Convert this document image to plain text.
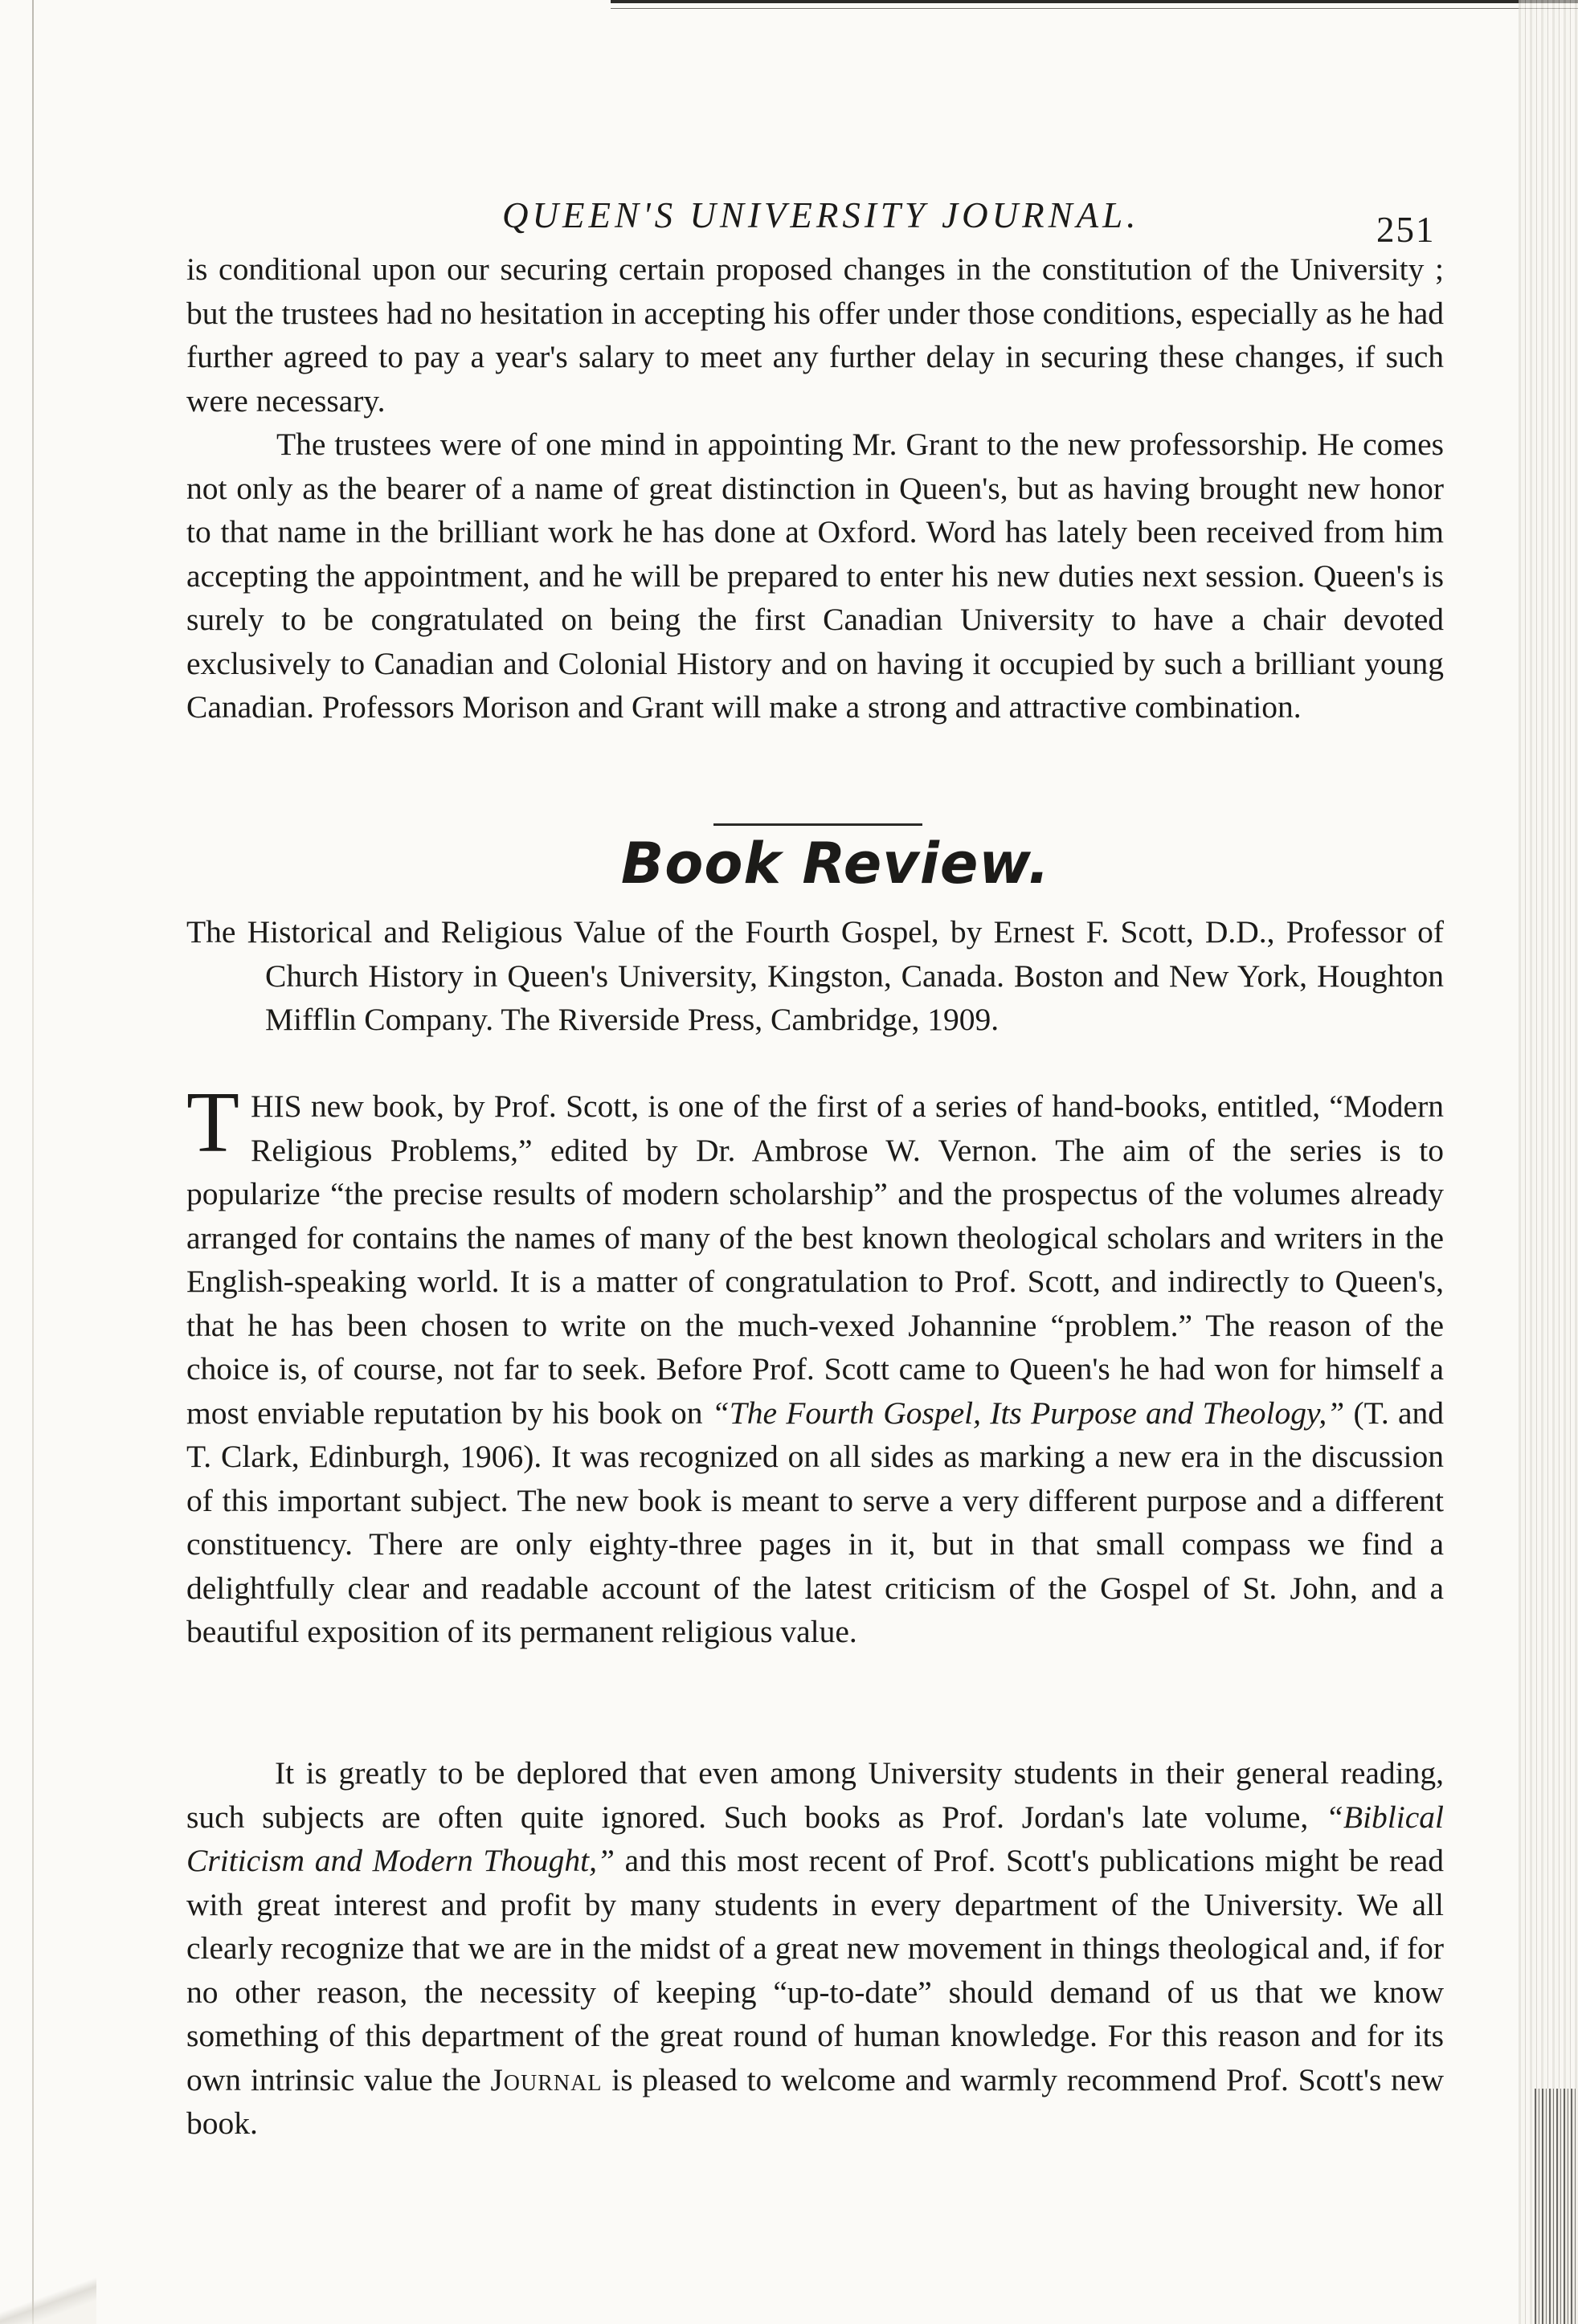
QUEEN'S UNIVERSITY JOURNAL.	251

is conditional upon our securing certain proposed changes in the constitution of the University ; but the trustees had no hesitation in accepting his offer under those conditions, especially as he had further agreed to pay a year's salary to meet any further delay in securing these changes, if such were necessary.

The trustees were of one mind in appointing Mr. Grant to the new professorship. He comes not only as the bearer of a name of great distinction in Queen's, but as having brought new honor to that name in the brilliant work he has done at Oxford. Word has lately been received from him accepting the appointment, and he will be prepared to enter his new duties next session. Queen's is surely to be congratulated on being the first Canadian University to have a chair devoted exclusively to Canadian and Colonial History and on having it occupied by such a brilliant young Canadian. Professors Morison and Grant will make a strong and attractive combination.

Book Review.

The Historical and Religious Value of the Fourth Gospel, by Ernest F. Scott, D.D., Professor of Church History in Queen's University, Kingston, Canada. Boston and New York, Houghton Mifflin Company. The Riverside Press, Cambridge, 1909.

THIS new book, by Prof. Scott, is one of the first of a series of hand-books, entitled, “Modern Religious Problems,” edited by Dr. Ambrose W. Vernon. The aim of the series is to popularize “the precise results of modern scholarship” and the prospectus of the volumes already arranged for contains the names of many of the best known theological scholars and writers in the English-speaking world. It is a matter of congratulation to Prof. Scott, and indirectly to Queen's, that he has been chosen to write on the much-vexed Johannine “problem.” The reason of the choice is, of course, not far to seek. Before Prof. Scott came to Queen's he had won for himself a most enviable reputation by his book on “The Fourth Gospel, Its Purpose and Theology,” (T. and T. Clark, Edinburgh, 1906). It was recognized on all sides as marking a new era in the discussion of this important subject. The new book is meant to serve a very different purpose and a different constituency. There are only eighty-three pages in it, but in that small compass we find a delightfully clear and readable account of the latest criticism of the Gospel of St. John, and a beautiful exposition of its permanent religious value.

It is greatly to be deplored that even among University students in their general reading, such subjects are often quite ignored. Such books as Prof. Jordan's late volume, “Biblical Criticism and Modern Thought,” and this most recent of Prof. Scott's publications might be read with great interest and profit by many students in every department of the University. We all clearly recognize that we are in the midst of a great new movement in things theological and, if for no other reason, the necessity of keeping “up-to-date” should demand of us that we know something of this department of the great round of human knowledge. For this reason and for its own intrinsic value the Journal is pleased to welcome and warmly recommend Prof. Scott's new book.
